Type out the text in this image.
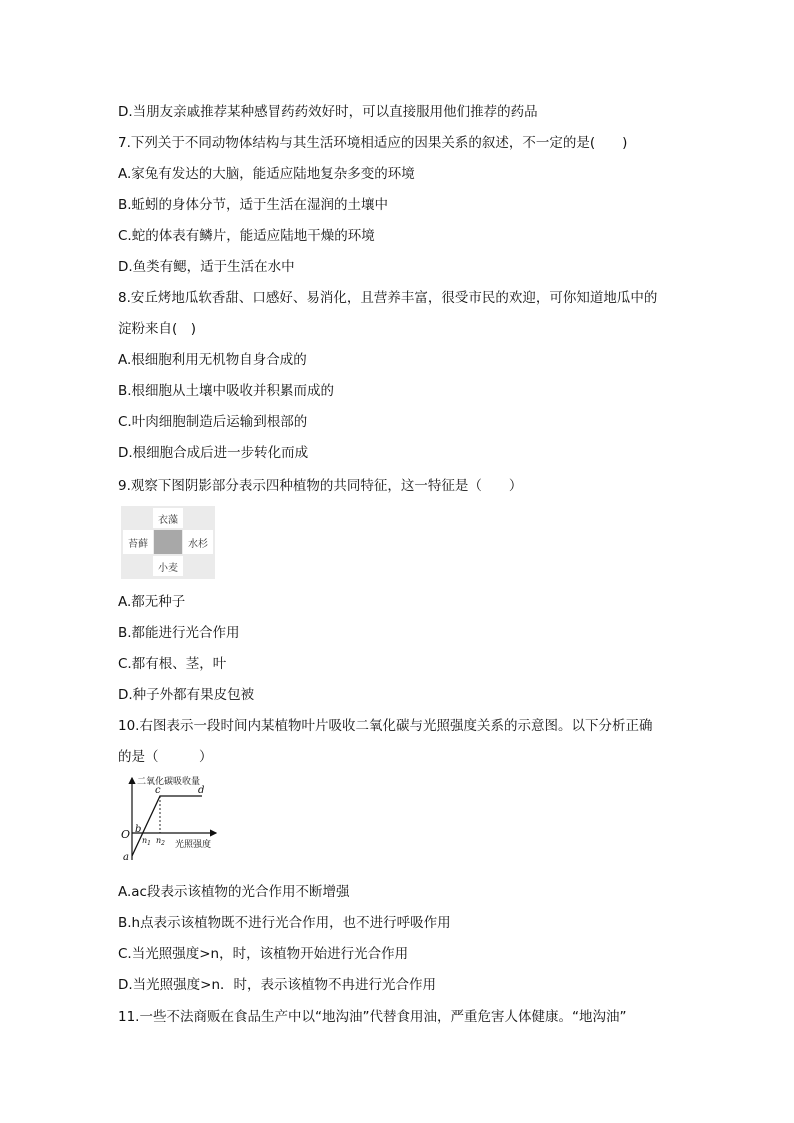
D.当朋友亲戚推荐某种感冒药药效好时，可以直接服用他们推荐的药品
7.下列关于不同动物体结构与其生活环境相适应的因果关系的叙述，不一定的是(　　)
A.家兔有发达的大脑，能适应陆地复杂多变的环境
B.蚯蚓的身体分节，适于生活在湿润的土壤中
C.蛇的体表有鳞片，能适应陆地干燥的环境
D.鱼类有鳃，适于生活在水中
8.安丘烤地瓜软香甜、口感好、易消化，且营养丰富，很受市民的欢迎，可你知道地瓜中的
淀粉来自(　)
A.根细胞利用无机物自身合成的
B.根细胞从土壤中吸收并积累而成的
C.叶肉细胞制造后运输到根部的
D.根细胞合成后进一步转化而成
9.观察下图阴影部分表示四种植物的共同特征，这一特征是（　　）
衣藻
苔藓	水杉
小麦
A.都无种子
B.都能进行光合作用
C.都有根、茎，叶
D.种子外都有果皮包被
10.右图表示一段时间内某植物叶片吸收二氧化碳与光照强度关系的示意图。以下分析正确
的是（　　　）
二氧化碳吸收量
光照强度
O
a
b
c	d
$n_1$ $n_2$
A.ac段表示该植物的光合作用不断增强
B.h点表示该植物既不进行光合作用，也不进行呼吸作用
C.当光照强度>n，时，该植物开始进行光合作用
D.当光照强度>n．时，表示该植物不冉进行光合作用
11.一些不法商贩在食品生产中以“地沟油”代替食用油，严重危害人体健康。“地沟油”
